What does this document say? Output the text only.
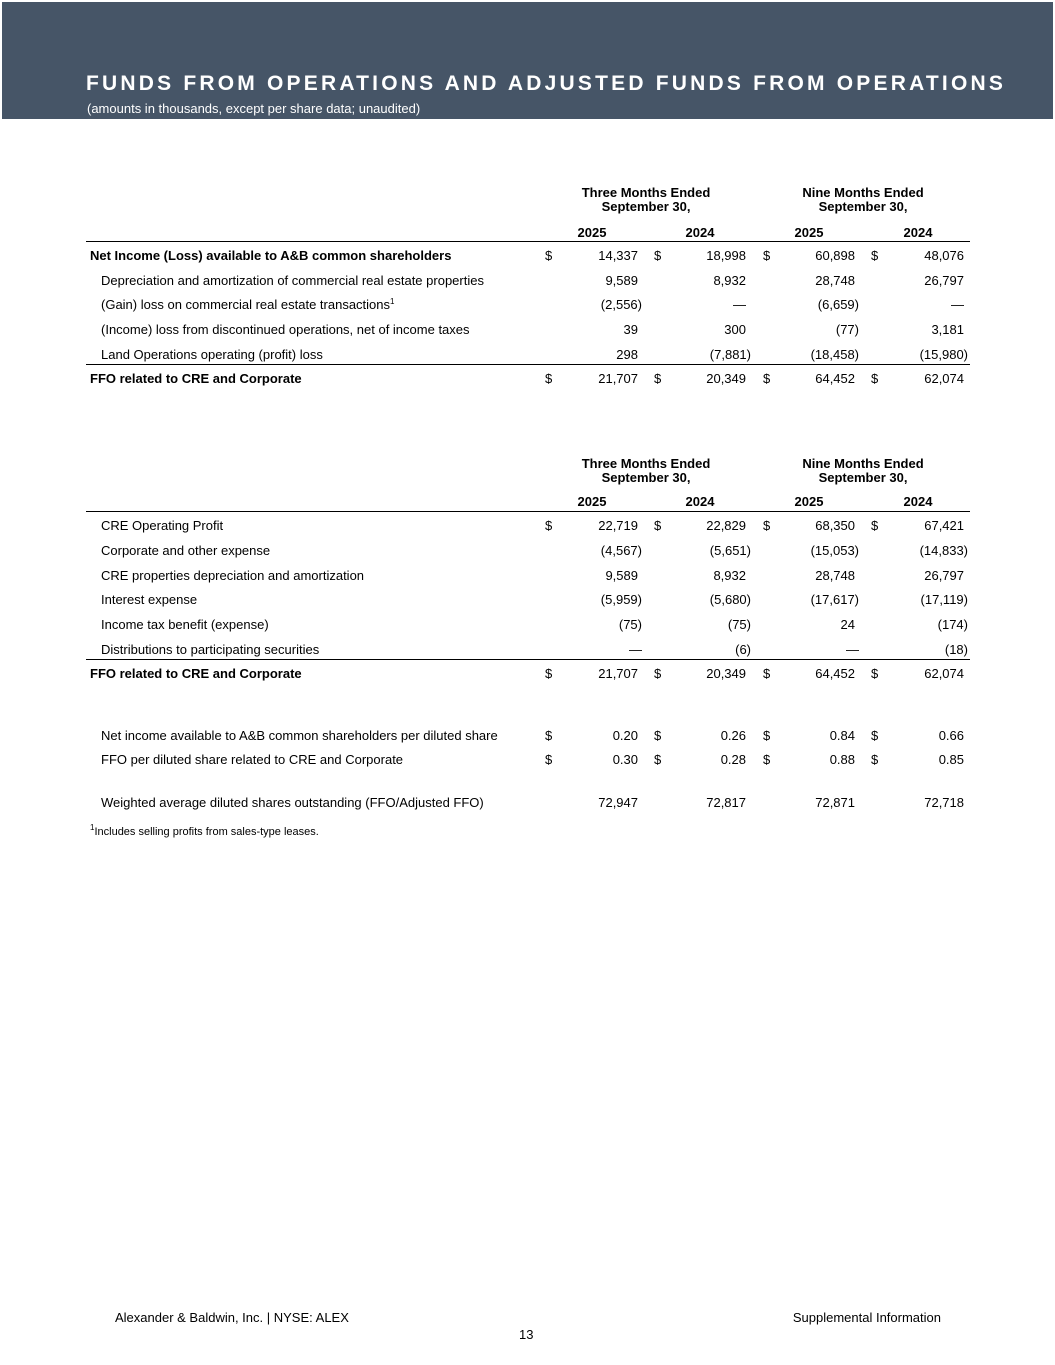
FUNDS FROM OPERATIONS AND ADJUSTED FUNDS FROM OPERATIONS
(amounts in thousands, except per share data; unaudited)
Three Months Ended
September 30,
Nine Months Ended
September 30,
2025	2024	2025	2024
Net Income (Loss) available to A&B common shareholders	$	14,337 $	18,998 $	60,898 $	48,076
Depreciation and amortization of commercial real estate properties	9,589	8,932	28,748	26,797
(Gain) loss on commercial real estate transactions$^1$	(2,556)	—	(6,659)	—
(Income) loss from discontinued operations, net of income taxes	39	300	(77)	3,181
Land Operations operating (profit) loss	298	(7,881)	(18,458)	(15,980)
FFO related to CRE and Corporate	$	21,707 $	20,349 $	64,452 $	62,074
Three Months Ended
September 30,
Nine Months Ended
September 30,
2025	2024	2025	2024
CRE Operating Profit	$	22,719 $	22,829 $	68,350 $	67,421
Corporate and other expense	(4,567)	(5,651)	(15,053)	(14,833)
CRE properties depreciation and amortization	9,589	8,932	28,748	26,797
Interest expense	(5,959)	(5,680)	(17,617)	(17,119)
Income tax benefit (expense)	(75)	(75)	24	(174)
Distributions to participating securities	—	(6)	—	(18)
FFO related to CRE and Corporate	$	21,707 $	20,349 $	64,452 $	62,074
Net income available to A&B common shareholders per diluted share	$	0.20 $	0.26 $	0.84 $	0.66
FFO per diluted share related to CRE and Corporate	$	0.30 $	0.28 $	0.88 $	0.85
Weighted average diluted shares outstanding (FFO/Adjusted FFO)	72,947	72,817	72,871	72,718
$^1$Includes selling profits from sales-type leases.
Alexander & Baldwin, Inc. | NYSE: ALEX
13
Supplemental Information
